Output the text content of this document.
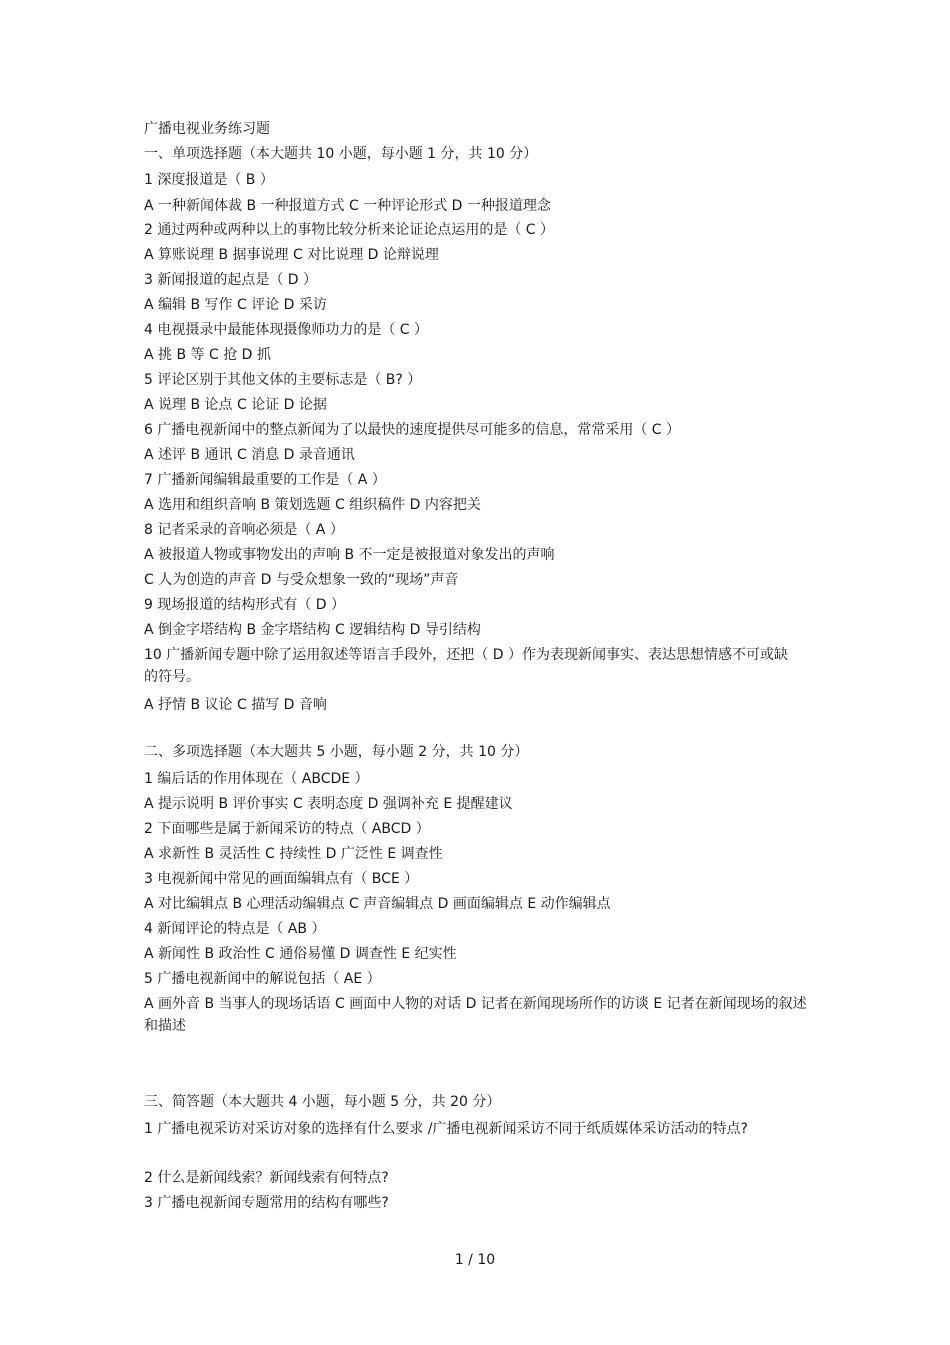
广播电视业务练习题
一、单项选择题（本大题共 10 小题，每小题 1 分，共 10 分）
1 深度报道是（ B ）
A 一种新闻体裁 B 一种报道方式 C 一种评论形式 D 一种报道理念
2 通过两种或两种以上的事物比较分析来论证论点运用的是（ C ）
A 算账说理 B 据事说理 C 对比说理 D 论辩说理
3 新闻报道的起点是（ D ）
A 编辑 B 写作 C 评论 D 采访
4 电视摄录中最能体现摄像师功力的是（ C ）
A 挑 B 等 C 抢 D 抓
5 评论区别于其他文体的主要标志是（ B? ）
A 说理 B 论点 C 论证 D 论据
6 广播电视新闻中的整点新闻为了以最快的速度提供尽可能多的信息，常常采用（ C ）
A 述评 B 通讯 C 消息 D 录音通讯
7 广播新闻编辑最重要的工作是（ A ）
A 选用和组织音响 B 策划选题 C 组织稿件 D 内容把关
8 记者采录的音响必须是（ A ）
A 被报道人物或事物发出的声响 B 不一定是被报道对象发出的声响
C 人为创造的声音 D 与受众想象一致的“现场”声音
9 现场报道的结构形式有（ D ）
A 倒金字塔结构 B 金字塔结构 C 逻辑结构 D 导引结构
10 广播新闻专题中除了运用叙述等语言手段外，还把（ D ）作为表现新闻事实、表达思想情感不可或缺的符号。
A 抒情 B 议论 C 描写 D 音响
二、多项选择题（本大题共 5 小题，每小题 2 分，共 10 分）
1 编后话的作用体现在（ ABCDE ）
A 提示说明 B 评价事实 C 表明态度 D 强调补充 E 提醒建议
2 下面哪些是属于新闻采访的特点（ ABCD ）
A 求新性 B 灵活性 C 持续性 D 广泛性 E 调查性
3 电视新闻中常见的画面编辑点有（ BCE ）
A 对比编辑点 B 心理活动编辑点 C 声音编辑点 D 画面编辑点 E 动作编辑点
4 新闻评论的特点是（ AB ）
A 新闻性 B 政治性 C 通俗易懂 D 调查性 E 纪实性
5 广播电视新闻中的解说包括（ AE ）
A 画外音 B 当事人的现场话语 C 画面中人物的对话 D 记者在新闻现场所作的访谈 E 记者在新闻现场的叙述和描述
三、简答题（本大题共 4 小题，每小题 5 分，共 20 分）
1 广播电视采访对采访对象的选择有什么要求 /广播电视新闻采访不同于纸质媒体采访活动的特点?
2 什么是新闻线索？新闻线索有何特点?
3 广播电视新闻专题常用的结构有哪些?
1 / 10
